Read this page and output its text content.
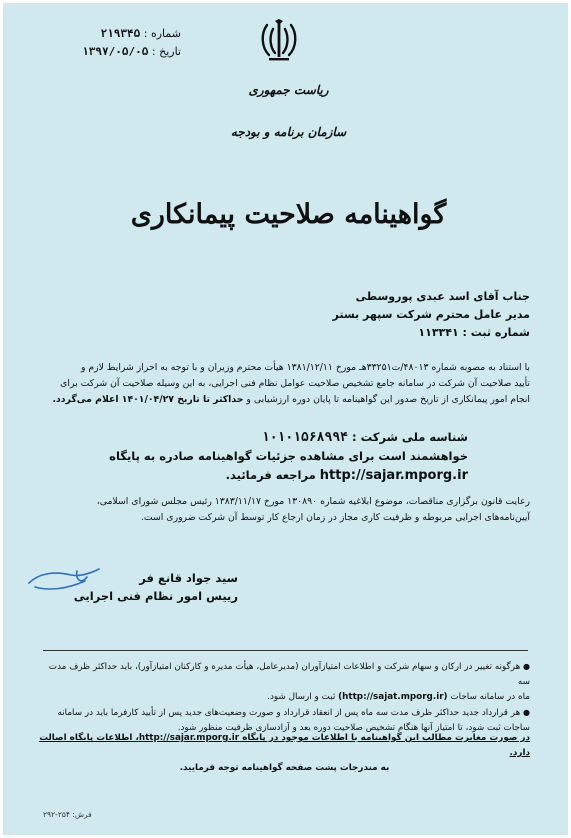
شماره : ۲۱۹۳۴۵
تاریخ : ۱۳۹۷/۰۵/۰۵
ریاست جمهوری
سازمان برنامه و بودجه
گواهینامه صلاحیت پیمانکاری
جناب آقای اسد عبدی پوروسطی
مدیر عامل محترم شرکت سپهر بستر
شماره ثبت : ۱۱۳۳۴۱
با استناد به مصوبه شماره ۴۸۰۱۳/ت۳۳۲۵۱هـ مورخ ۱۳۸۱/۱۲/۱۱ هیأت محترم وزیران و با توجه به احراز شرایط لازم و
تأیید صلاحیت آن شرکت در سامانه جامع تشخیص صلاحیت عوامل نظام فنی اجرایی، به این وسیله صلاحیت آن شرکت برای
انجام امور پیمانکاری از تاریخ صدور این گواهینامه تا پایان دوره ارزشیابی و حداکثر تا تاریخ ۱۴۰۱/۰۴/۲۷ اعلام می‌گردد.
شناسه ملی شرکت : ۱۰۱۰۱۵۶۸۹۹۴
خواهشمند است برای مشاهده جزئیات گواهینامه صادره به پایگاه
http://sajar.mporg.ir مراجعه فرمائید.
رعایت قانون برگزاری مناقصات، موضوع ابلاغیه شماره ۱۳۰۸۹۰ مورخ ۱۳۸۳/۱۱/۱۷ رئیس مجلس شورای اسلامی،
آیین‌نامه‌های اجرایی مربوطه و ظرفیت کاری مجاز در زمان ارجاع کار توسط آن شرکت ضروری است.
سید جواد قانع فر
رییس امور نظام فنی اجرایی
● هرگونه تغییر در ارکان و سهام شرکت و اطلاعات امتیازآوران (مدیرعامل، هیأت مدیره و کارکنان امتیازآور)، باید حداکثر ظرف مدت سه
ماه در سامانه ساجات (http://sajat.mporg.ir) ثبت و ارسال شود.
● هر قرارداد جدید حداکثر ظرف مدت سه ماه پس از انعقاد قرارداد و صورت وضعیت‌های جدید پس از تأیید کارفرما باید در سامانه
ساجات ثبت شود، تا امتیاز آنها هنگام تشخیص صلاحیت دوره بعد و آزادسازی ظرفیت منظور شود.
در صورت مغایرت مطالب این گواهینامه با اطلاعات موجود در پایگاه http://sajar.mporg.ir، اطلاعات پایگاه اصالت دارد.
به مندرجات پشت صفحه گواهینامه توجه فرمایید.
فرش: ۲۵۴-۲۹۲
